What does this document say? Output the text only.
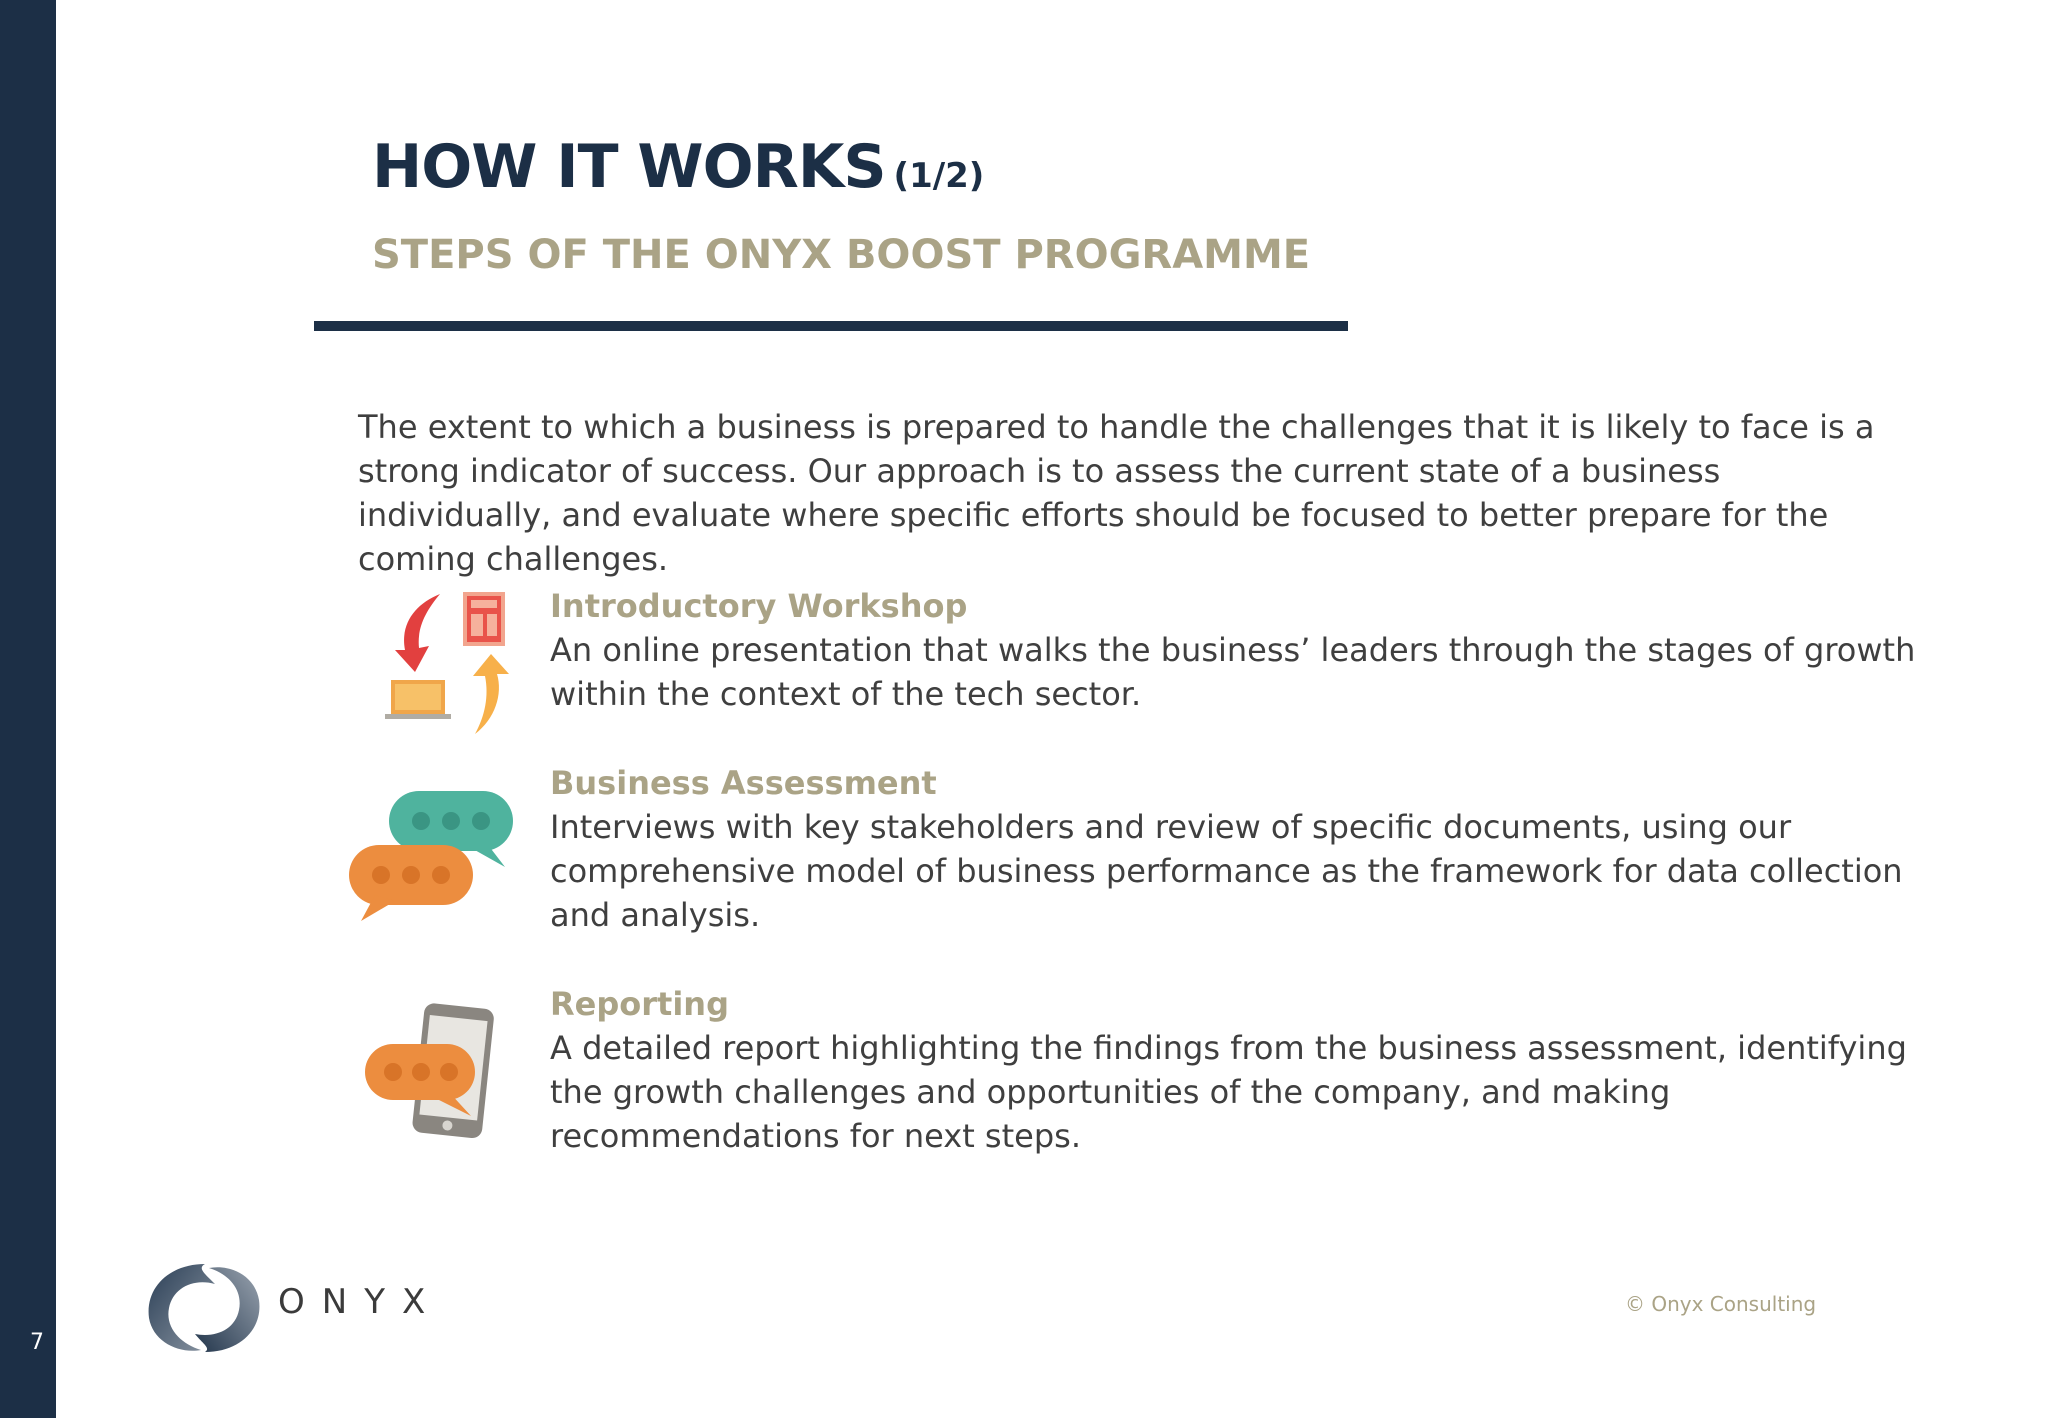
7
HOW IT WORKS (1/2)
STEPS OF THE ONYX BOOST PROGRAMME

The extent to which a business is prepared to handle the challenges that it is likely to face is a strong indicator of success. Our approach is to assess the current state of a business individually, and evaluate where specific efforts should be focused to better prepare for the coming challenges.

Introductory Workshop

An online presentation that walks the business’ leaders through the stages of growth within the context of the tech sector.

Business Assessment

Interviews with key stakeholders and review of specific documents, using our comprehensive model of business performance as the framework for data collection and analysis.

Reporting

A detailed report highlighting the findings from the business assessment, identifying the growth challenges and opportunities of the company, and making recommendations for next steps.

ONYX	© Onyx Consulting
